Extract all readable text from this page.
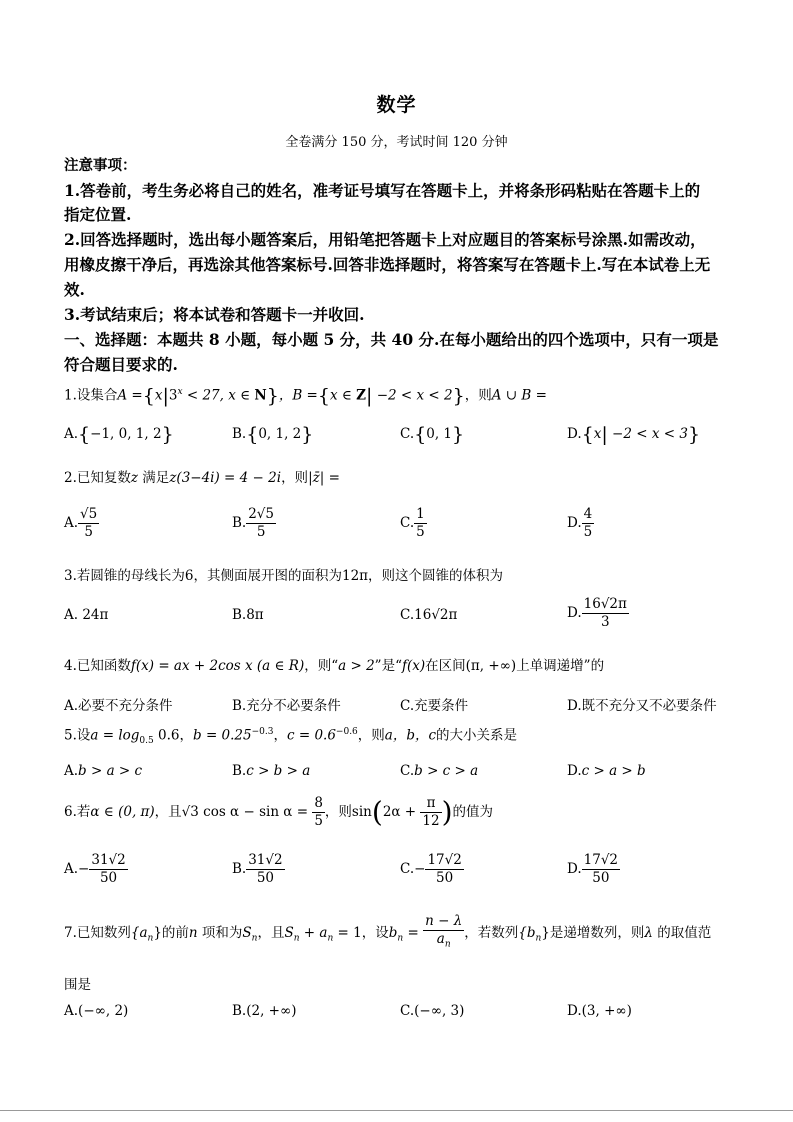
数学
全卷满分 150 分，考试时间 120 分钟
注意事项：
1.答卷前，考生务必将自己的姓名，准考证号填写在答题卡上，并将条形码粘贴在答题卡上的
指定位置.
2.回答选择题时，选出每小题答案后，用铅笔把答题卡上对应题目的答案标号涂黑.如需改动，
用橡皮擦干净后，再选涂其他答案标号.回答非选择题时，将答案写在答题卡上.写在本试卷上无
效.
3.考试结束后；将本试卷和答题卡一并收回.
一、选择题：本题共 8 小题，每小题 5 分，共 40 分.在每小题给出的四个选项中，只有一项是
符合题目要求的.
1.设集合$A =\{x|3^x < 27$, x ∈ N}，B ={x ∈ Z| −2 < x < 2}，则A ∪ B =
A.{−1, 0, 1, 2}	B.{0, 1, 2}	C.{0, 1}	D.{x| −2 < x < 3}
2.已知复数z 满足z(3−4i) = 4 − 2i，则|z̄| =
A. $\frac{√5}{5}$	B. $\frac{2√5}{5}$	C. $\frac{1}{5}$	D. $\frac{4}{5}$
3.若圆锥的母线长为6，其侧面展开图的面积为12π，则这个圆锥的体积为
A. 24π	B.8π	C.16√2π	D. $\frac{16√2\pi}{3}$
4.已知函数f(x) = ax + 2cos x (a ∈ R)，则“a > 2”是“f(x)在区间(π, +∞)上单调递增”的
A.必要不充分条件	B.充分不必要条件	C.充要条件	D.既不充分又不必要条件
5.设$a = \log_{0.5} 0.6$，$b = 0.25^{-0.3}$，$c = 0.6^{-0.6}$，则a，b，c的大小关系是
A.b > a > c	B.c > b > a	C.b > c > a	D.c > a > b
6.若α ∈ (0, π)，且√3 $\cos \alpha - \sin \alpha = \frac{8}{5}$ ，则$\sin(2\alpha + \frac{\pi}{12}$ )的值为
$A.- \frac{31√2}{50}$	B. $\frac{31√2}{50}$	$C.- \frac{17√2}{50}$	D. $\frac{17√2}{50}$
7.已知数列$\{a_n\}$的前n 项和为$S_n$，且$S_n + a_n = 1$，设$b_n = \frac{n - \lambda}{a_n}$ ，若数列$\{b_n\}$是递增数列，则λ 的取值范
围是
A.(−∞, 2)	B.(2, +∞)	C.(−∞, 3)	D.(3, +∞)
